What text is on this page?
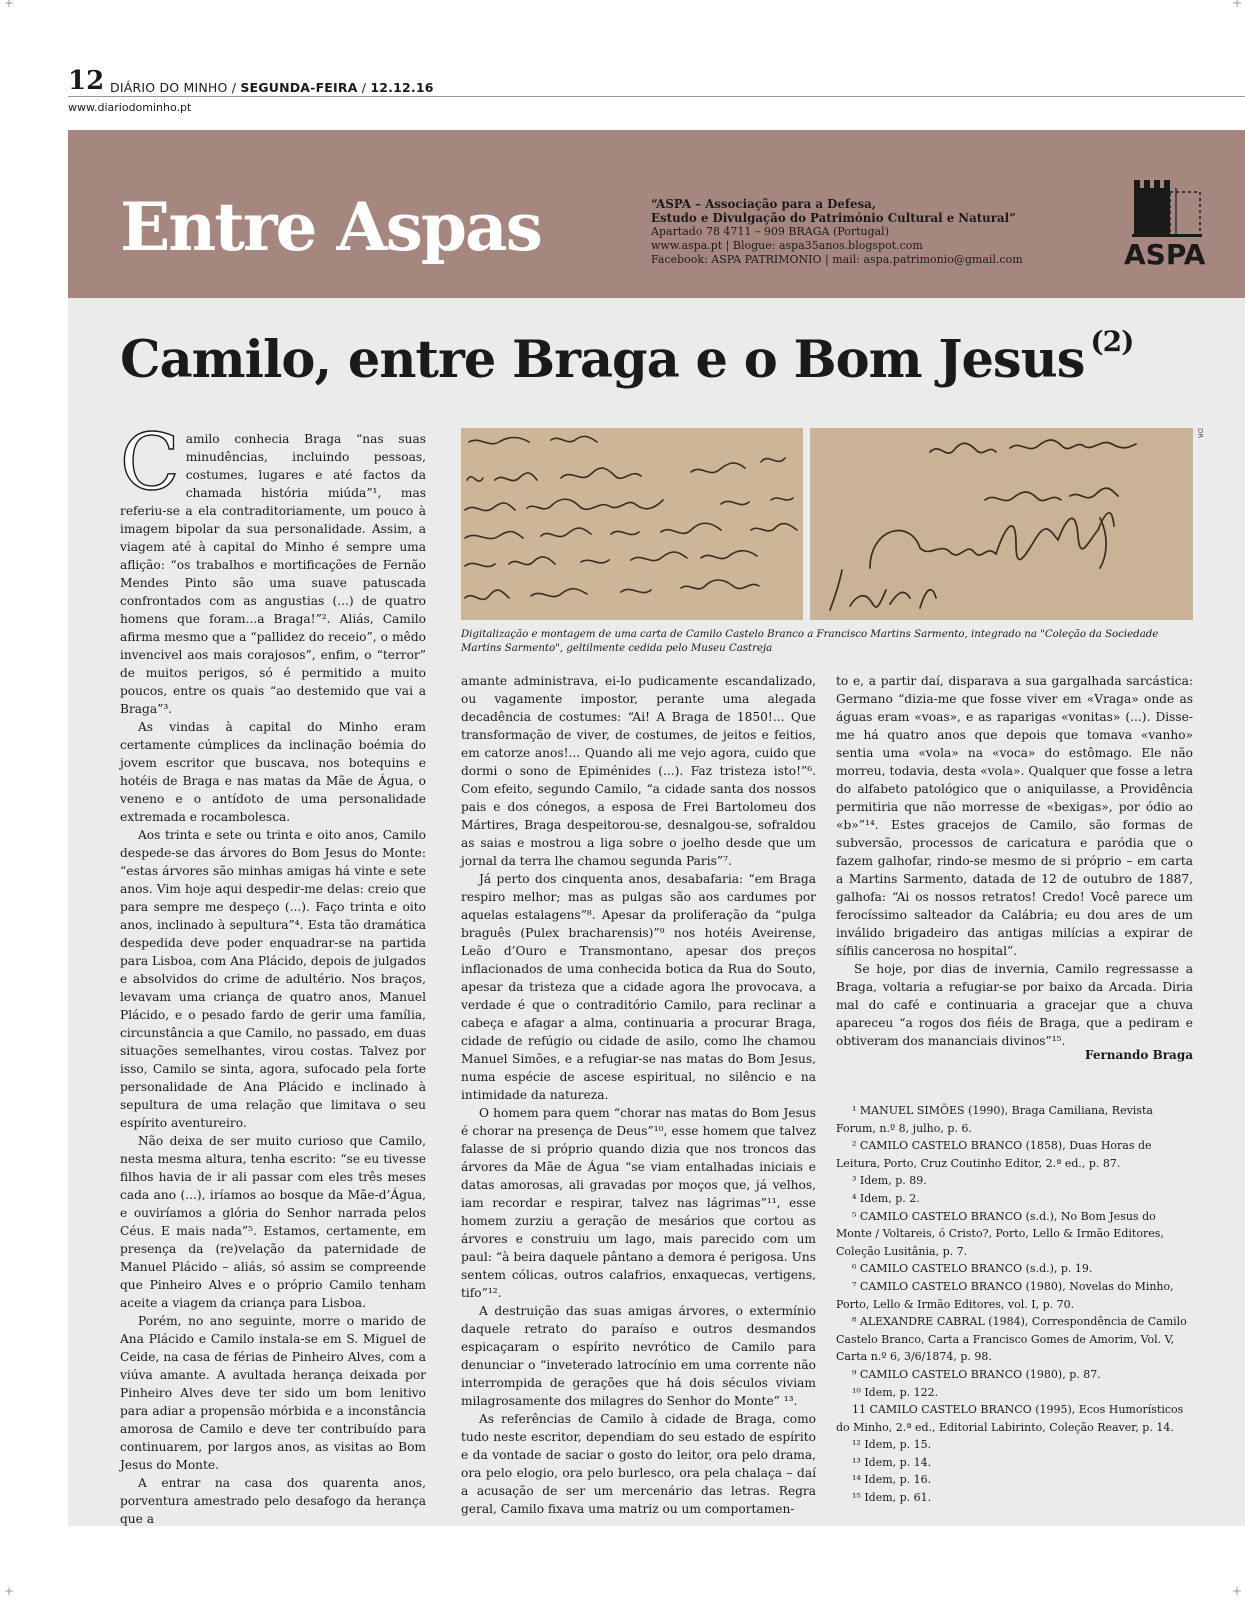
+	+
+	+
12 DIÁRIO DO MINHO / SEGUNDA-FEIRA / 12.12.16
www.diariodominho.pt
Entre Aspas	“ASPA – Associação para a Defesa,
Estudo e Divulgação do Património Cultural e Natural”
Apartado 78 4711 – 909 BRAGA (Portugal)
www.aspa.pt | Blogue: aspa35anos.blogspot.com
Facebook: ASPA PATRIMONIO | mail: aspa.patrimonio@gmail.com	ASPA
Camilo, entre Braga e o Bom Jesus $^{(2)}$
DR
Digitalização e montagem de uma carta de Camilo Castelo Branco a Francisco Martins Sarmento, integrado na "Coleção da Sociedade Martins Sarmento", geltilmente cedida pelo Museu Castreja

Camilo conhecia Braga “nas suas minudências, incluindo pessoas, costumes, lugares e até factos da chamada história miúda”¹, mas referiu-se a ela contraditoriamente, um pouco à imagem bipolar da sua personalidade. Assim, a viagem até à capital do Minho é sempre uma aflição: “os trabalhos e mortificações de Fernão Mendes Pinto são uma suave patuscada confrontados com as angustias (...) de quatro homens que foram...a Braga!”². Aliás, Camilo afirma mesmo que a “pallidez do receio”, o mêdo invencivel aos mais corajosos”, enfim, o “terror” de muitos perigos, só é permitido a muito poucos, entre os quais “ao destemido que vai a Braga”³.

As vindas à capital do Minho eram certamente cúmplices da inclinação boémia do jovem escritor que buscava, nos botequins e hotéis de Braga e nas matas da Mãe de Água, o veneno e o antídoto de uma personalidade extremada e rocambolesca.

Aos trinta e sete ou trinta e oito anos, Camilo despede-se das árvores do Bom Jesus do Monte: “estas árvores são minhas amigas há vinte e sete anos. Vim hoje aqui despedir-me delas: creio que para sempre me despeço (...). Faço trinta e oito anos, inclinado à sepultura”⁴. Esta tão dramática despedida deve poder enquadrar-se na partida para Lisboa, com Ana Plácido, depois de julgados e absolvidos do crime de adultério. Nos braços, levavam uma criança de quatro anos, Manuel Plácido, e o pesado fardo de gerir uma família, circunstância a que Camilo, no passado, em duas situações semelhantes, virou costas. Talvez por isso, Camilo se sinta, agora, sufocado pela forte personalidade de Ana Plácido e inclinado à sepultura de uma relação que limitava o seu espírito aventureiro.

Não deixa de ser muito curioso que Camilo, nesta mesma altura, tenha escrito: “se eu tivesse filhos havia de ir ali passar com eles três meses cada ano (...), iríamos ao bosque da Mãe-d’Água, e ouviríamos a glória do Senhor narrada pelos Céus. E mais nada”⁵. Estamos, certamente, em presença da (re)velação da paternidade de Manuel Plácido – aliás, só assim se compreende que Pinheiro Alves e o próprio Camilo tenham aceite a viagem da criança para Lisboa.

Porém, no ano seguinte, morre o marido de Ana Plácido e Camilo instala-se em S. Miguel de Ceide, na casa de férias de Pinheiro Alves, com a viúva amante. A avultada herança deixada por Pinheiro Alves deve ter sido um bom lenitivo para adiar a propensão mórbida e a inconstância amorosa de Camilo e deve ter contribuído para continuarem, por largos anos, as visitas ao Bom Jesus do Monte.

A entrar na casa dos quarenta anos, porventura amestrado pelo desafogo da herança que a

amante administrava, ei-lo pudicamente escandalizado, ou vagamente impostor, perante uma alegada decadência de costumes: “Ai! A Braga de 1850!... Que transformação de viver, de costumes, de jeitos e feitios, em catorze anos!... Quando ali me vejo agora, cuido que dormi o sono de Epiménides (...). Faz tristeza isto!”⁶. Com efeito, segundo Camilo, “a cidade santa dos nossos pais e dos cónegos, a esposa de Frei Bartolomeu dos Mártires, Braga despeitorou-se, desnalgou-se, sofraldou as saias e mostrou a liga sobre o joelho desde que um jornal da terra lhe chamou segunda Paris”⁷.

Já perto dos cinquenta anos, desabafaria: “em Braga respiro melhor; mas as pulgas são aos cardumes por aquelas estalagens”⁸. Apesar da proliferação da “pulga braguês (Pulex bracharensis)”⁹ nos hotéis Aveirense, Leão d’Ouro e Transmontano, apesar dos preços inflacionados de uma conhecida botica da Rua do Souto, apesar da tristeza que a cidade agora lhe provocava, a verdade é que o contraditório Camilo, para reclinar a cabeça e afagar a alma, continuaria a procurar Braga, cidade de refúgio ou cidade de asilo, como lhe chamou Manuel Simões, e a refugiar-se nas matas do Bom Jesus, numa espécie de ascese espiritual, no silêncio e na intimidade da natureza.

O homem para quem “chorar nas matas do Bom Jesus é chorar na presença de Deus”¹⁰, esse homem que talvez falasse de si próprio quando dizia que nos troncos das árvores da Mãe de Água “se viam entalhadas iniciais e datas amorosas, ali gravadas por moços que, já velhos, iam recordar e respirar, talvez nas lágrimas”¹¹, esse homem zurziu a geração de mesários que cortou as árvores e construiu um lago, mais parecido com um paul: “à beira daquele pântano a demora é perigosa. Uns sentem cólicas, outros calafrios, enxaquecas, vertigens, tifo”¹².

A destruição das suas amigas árvores, o extermínio daquele retrato do paraíso e outros desmandos espicaçaram o espírito nevrótico de Camilo para denunciar o “inveterado latrocínio em uma corrente não interrompida de gerações que há dois séculos viviam milagrosamente dos milagres do Senhor do Monte” ¹³.

As referências de Camilo à cidade de Braga, como tudo neste escritor, dependiam do seu estado de espírito e da vontade de saciar o gosto do leitor, ora pelo drama, ora pelo elogio, ora pelo burlesco, ora pela chalaça – daí a acusação de ser um mercenário das letras. Regra geral, Camilo fixava uma matriz ou um comportamen-

to e, a partir daí, disparava a sua gargalhada sarcástica: Germano “dizia-me que fosse viver em «Vraga» onde as águas eram «voas», e as raparigas «vonitas» (...). Disse-me há quatro anos que depois que tomava «vanho» sentia uma «vola» na «voca» do estômago. Ele não morreu, todavia, desta «vola». Qualquer que fosse a letra do alfabeto patológico que o aniquilasse, a Providência permitiria que não morresse de «bexigas», por ódio ao «b»”¹⁴. Estes gracejos de Camilo, são formas de subversão, processos de caricatura e paródia que o fazem galhofar, rindo-se mesmo de si próprio – em carta a Martins Sarmento, datada de 12 de outubro de 1887, galhofa: “Ai os nossos retratos! Credo! Você parece um ferocíssimo salteador da Calábria; eu dou ares de um inválido brigadeiro das antigas milícias a expirar de sífilis cancerosa no hospital”.

Se hoje, por dias de invernia, Camilo regressasse a Braga, voltaria a refugiar-se por baixo da Arcada. Diria mal do café e continuaria a gracejar que a chuva apareceu “a rogos dos fiéis de Braga, que a pediram e obtiveram dos mananciais divinos”¹⁵.

Fernando Braga
¹ MANUEL SIMÕES (1990), Braga Camiliana, Revista Forum, n.º 8, julho, p. 6.
² CAMILO CASTELO BRANCO (1858), Duas Horas de Leitura, Porto, Cruz Coutinho Editor, 2.ª ed., p. 87.
³ Idem, p. 89.
⁴ Idem, p. 2.
⁵ CAMILO CASTELO BRANCO (s.d.), No Bom Jesus do Monte / Voltareis, ó Cristo?, Porto, Lello & Irmão Editores, Coleção Lusitânia, p. 7.
⁶ CAMILO CASTELO BRANCO (s.d.), p. 19.
⁷ CAMILO CASTELO BRANCO (1980), Novelas do Minho, Porto, Lello & Irmão Editores, vol. I, p. 70.
⁸ ALEXANDRE CABRAL (1984), Correspondência de Camilo Castelo Branco, Carta a Francisco Gomes de Amorim, Vol. V, Carta n.º 6, 3/6/1874, p. 98.
⁹ CAMILO CASTELO BRANCO (1980), p. 87.
¹⁰ Idem, p. 122.
11 CAMILO CASTELO BRANCO (1995), Ecos Humorísticos do Minho, 2.ª ed., Editorial Labirinto, Coleção Reaver, p. 14.
¹² Idem, p. 15.
¹³ Idem, p. 14.
¹⁴ Idem, p. 16.
¹⁵ Idem, p. 61.
